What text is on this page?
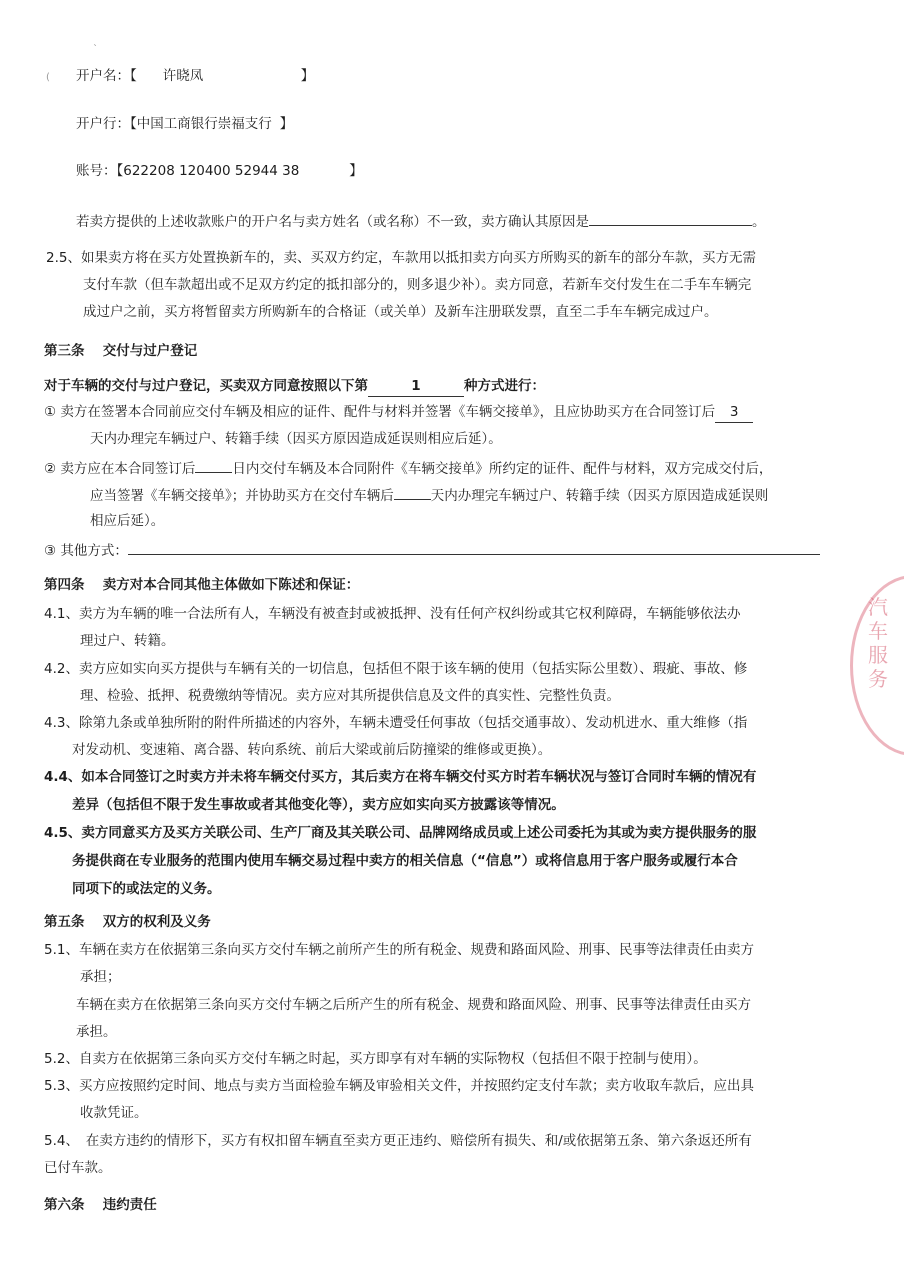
`
( 开户名：【 许晓凤	】
开户行：【中国工商银行崇福支行 】
账号：【622208 120400 52944 38	】
若卖方提供的上述收款账户的开户名与卖方姓名（或名称）不一致，卖方确认其原因是	。
2.5、如果卖方将在买方处置换新车的，卖、买双方约定，车款用以抵扣卖方向买方所购买的新车的部分车款，买方无需
支付车款（但车款超出或不足双方约定的抵扣部分的，则多退少补）。卖方同意，若新车交付发生在二手车车辆完
成过户之前，买方将暂留卖方所购新车的合格证（或关单）及新车注册联发票，直至二手车车辆完成过户。
第三条　 交付与过户登记
对于车辆的交付与过户登记，买卖双方同意按照以下第	1	种方式进行：
① 卖方在签署本合同前应交付车辆及相应的证件、配件与材料并签署《车辆交接单》，且应协助买方在合同签订后 3
天内办理完车辆过户、转籍手续（因买方原因造成延误则相应后延）。
② 卖方应在本合同签订后	日内交付车辆及本合同附件《车辆交接单》所约定的证件、配件与材料，双方完成交付后，
应当签署《车辆交接单》；并协助买方在交付车辆后	天内办理完车辆过户、转籍手续（因买方原因造成延误则
相应后延）。
③ 其他方式：
第四条　 卖方对本合同其他主体做如下陈述和保证：
4.1、卖方为车辆的唯一合法所有人，车辆没有被查封或被抵押、没有任何产权纠纷或其它权利障碍，车辆能够依法办
理过户、转籍。
4.2、卖方应如实向买方提供与车辆有关的一切信息，包括但不限于该车辆的使用（包括实际公里数）、瑕疵、事故、修
理、检验、抵押、税费缴纳等情况。卖方应对其所提供信息及文件的真实性、完整性负责。
4.3、除第九条或单独所附的附件所描述的内容外，车辆未遭受任何事故（包括交通事故）、发动机进水、重大维修（指
对发动机、变速箱、离合器、转向系统、前后大梁或前后防撞梁的维修或更换）。
4.4、如本合同签订之时卖方并未将车辆交付买方，其后卖方在将车辆交付买方时若车辆状况与签订合同时车辆的情况有
差异（包括但不限于发生事故或者其他变化等），卖方应如实向买方披露该等情况。
4.5、卖方同意买方及买方关联公司、生产厂商及其关联公司、品牌网络成员或上述公司委托为其或为卖方提供服务的服
务提供商在专业服务的范围内使用车辆交易过程中卖方的相关信息（“信息”）或将信息用于客户服务或履行本合
同项下的或法定的义务。
第五条　 双方的权利及义务
5.1、车辆在卖方在依据第三条向买方交付车辆之前所产生的所有税金、规费和路面风险、刑事、民事等法律责任由卖方
承担；
车辆在卖方在依据第三条向买方交付车辆之后所产生的所有税金、规费和路面风险、刑事、民事等法律责任由买方
承担。
5.2、自卖方在依据第三条向买方交付车辆之时起，买方即享有对车辆的实际物权（包括但不限于控制与使用）。
5.3、买方应按照约定时间、地点与卖方当面检验车辆及审验相关文件，并按照约定支付车款；卖方收取车款后，应出具
收款凭证。
5.4、　在卖方违约的情形下，买方有权扣留车辆直至卖方更正违约、赔偿所有损失、和/或依据第五条、第六条返还所有
已付车款。
第六条　 违约责任
汽车服务
